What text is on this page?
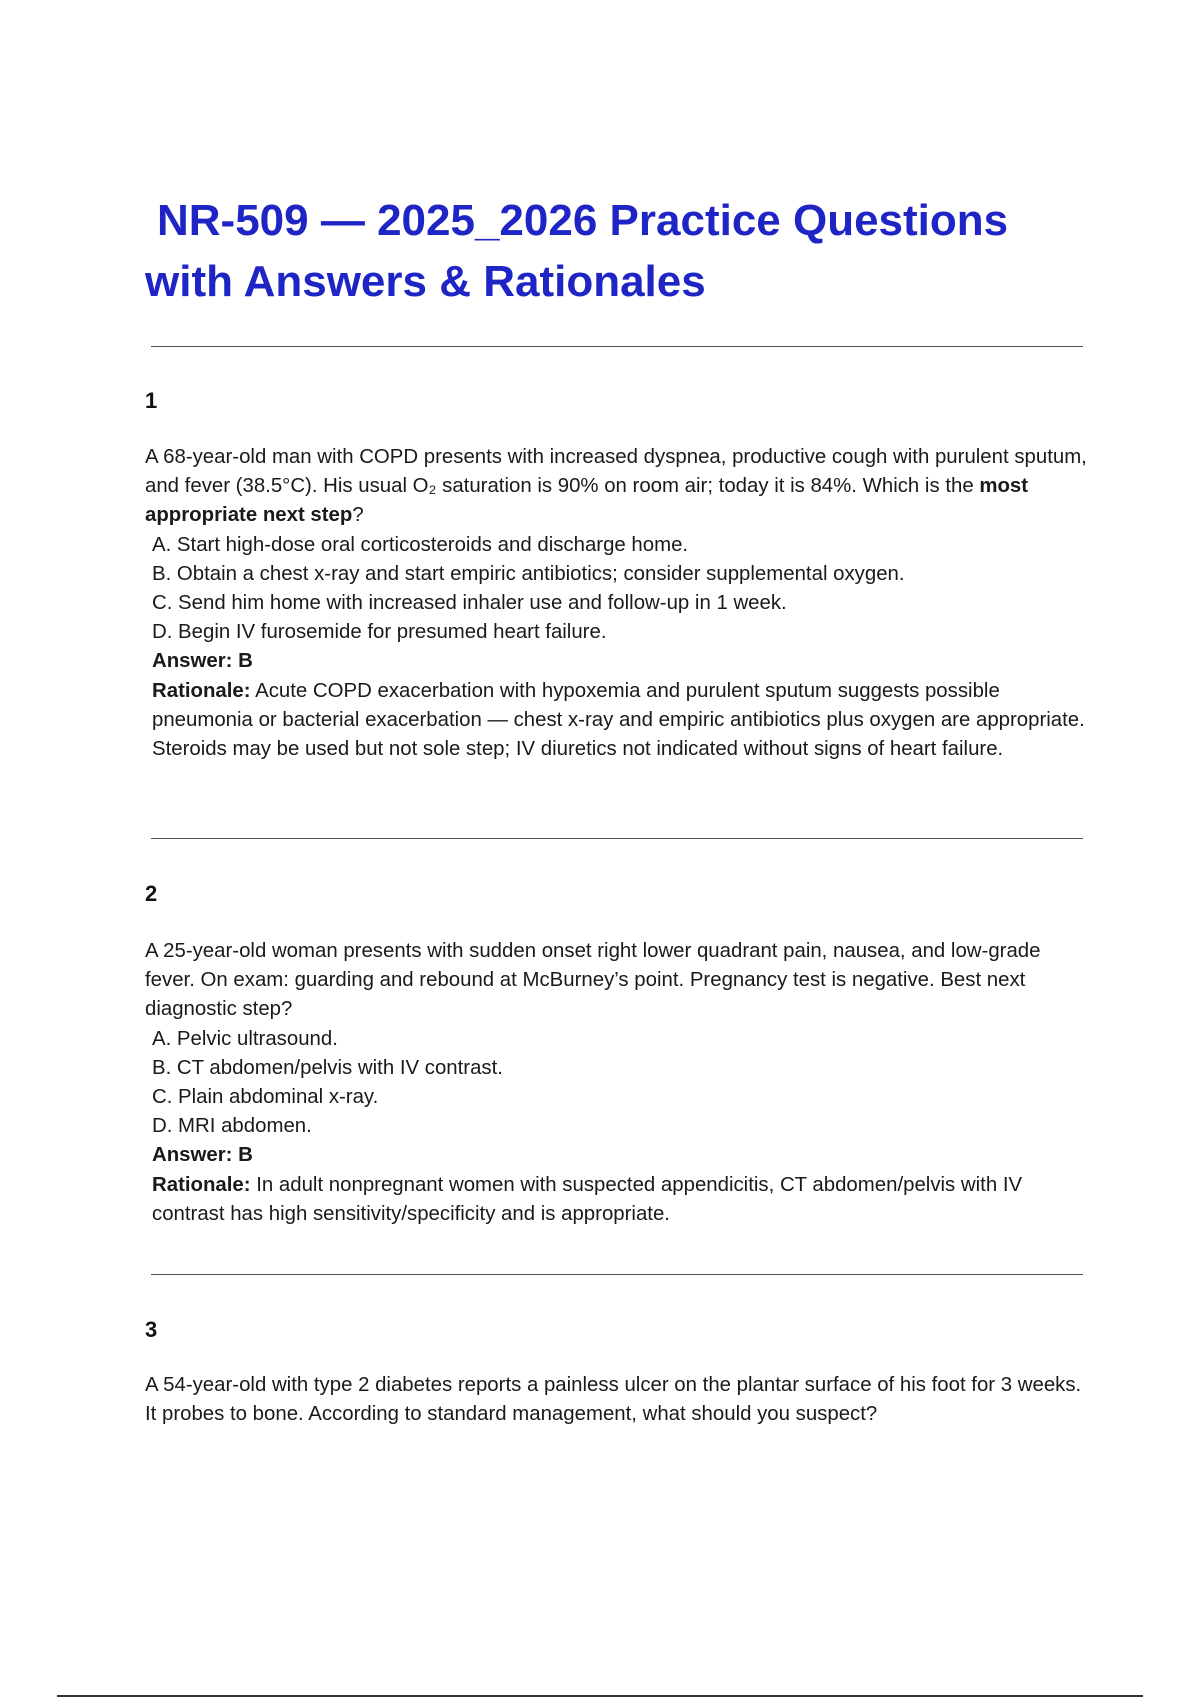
NR-509 — 2025_2026 Practice Questions
with Answers & Rationales
1

A 68-year-old man with COPD presents with increased dyspnea, productive cough with purulent sputum, and fever (38.5°C). His usual O₂ saturation is 90% on room air; today it is 84%. Which is the most appropriate next step?

A. Start high-dose oral corticosteroids and discharge home.

B. Obtain a chest x-ray and start empiric antibiotics; consider supplemental oxygen.

C. Send him home with increased inhaler use and follow-up in 1 week.

D. Begin IV furosemide for presumed heart failure.

Answer: B

Rationale: Acute COPD exacerbation with hypoxemia and purulent sputum suggests possible pneumonia or bacterial exacerbation — chest x-ray and empiric antibiotics plus oxygen are appropriate. Steroids may be used but not sole step; IV diuretics not indicated without signs of heart failure.

2

A 25-year-old woman presents with sudden onset right lower quadrant pain, nausea, and low-grade fever. On exam: guarding and rebound at McBurney’s point. Pregnancy test is negative. Best next diagnostic step?

A. Pelvic ultrasound.

B. CT abdomen/pelvis with IV contrast.

C. Plain abdominal x-ray.

D. MRI abdomen.

Answer: B

Rationale: In adult nonpregnant women with suspected appendicitis, CT abdomen/pelvis with IV contrast has high sensitivity/specificity and is appropriate.

3

A 54-year-old with type 2 diabetes reports a painless ulcer on the plantar surface of his foot for 3 weeks. It probes to bone. According to standard management, what should you suspect?
